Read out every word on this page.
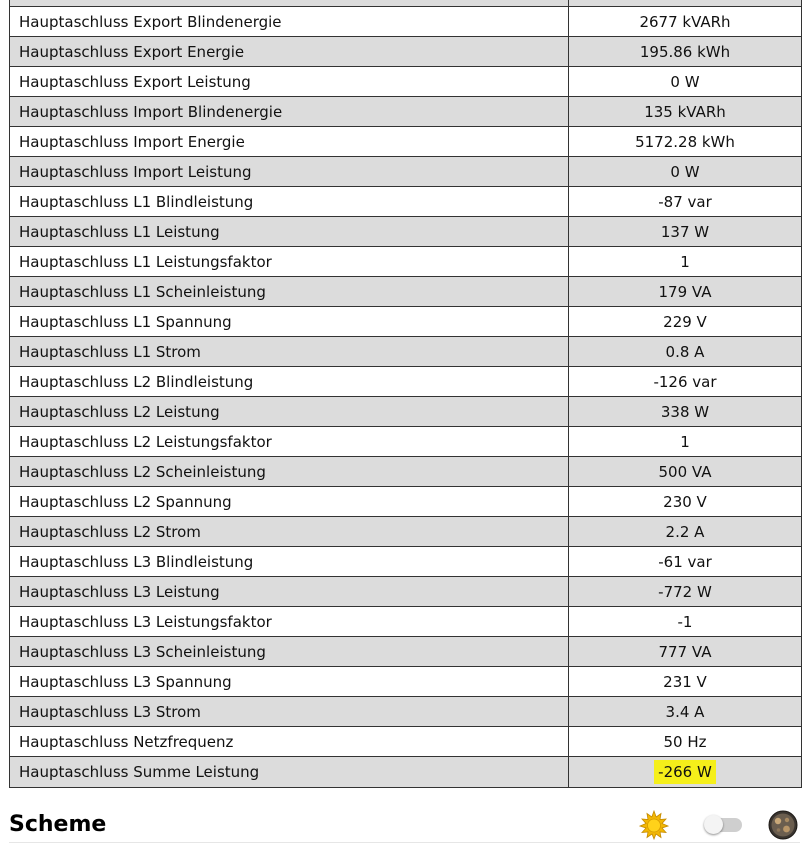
Hauptaschluss Export Blindenergie	2677 kVARh
Hauptaschluss Export Energie	195.86 kWh
Hauptaschluss Export Leistung	0 W
Hauptaschluss Import Blindenergie	135 kVARh
Hauptaschluss Import Energie	5172.28 kWh
Hauptaschluss Import Leistung	0 W
Hauptaschluss L1 Blindleistung	-87 var
Hauptaschluss L1 Leistung	137 W
Hauptaschluss L1 Leistungsfaktor	1
Hauptaschluss L1 Scheinleistung	179 VA
Hauptaschluss L1 Spannung	229 V
Hauptaschluss L1 Strom	0.8 A
Hauptaschluss L2 Blindleistung	-126 var
Hauptaschluss L2 Leistung	338 W
Hauptaschluss L2 Leistungsfaktor	1
Hauptaschluss L2 Scheinleistung	500 VA
Hauptaschluss L2 Spannung	230 V
Hauptaschluss L2 Strom	2.2 A
Hauptaschluss L3 Blindleistung	-61 var
Hauptaschluss L3 Leistung	-772 W
Hauptaschluss L3 Leistungsfaktor	-1
Hauptaschluss L3 Scheinleistung	777 VA
Hauptaschluss L3 Spannung	231 V
Hauptaschluss L3 Strom	3.4 A
Hauptaschluss Netzfrequenz	50 Hz
Hauptaschluss Summe Leistung	-266 W
Scheme
